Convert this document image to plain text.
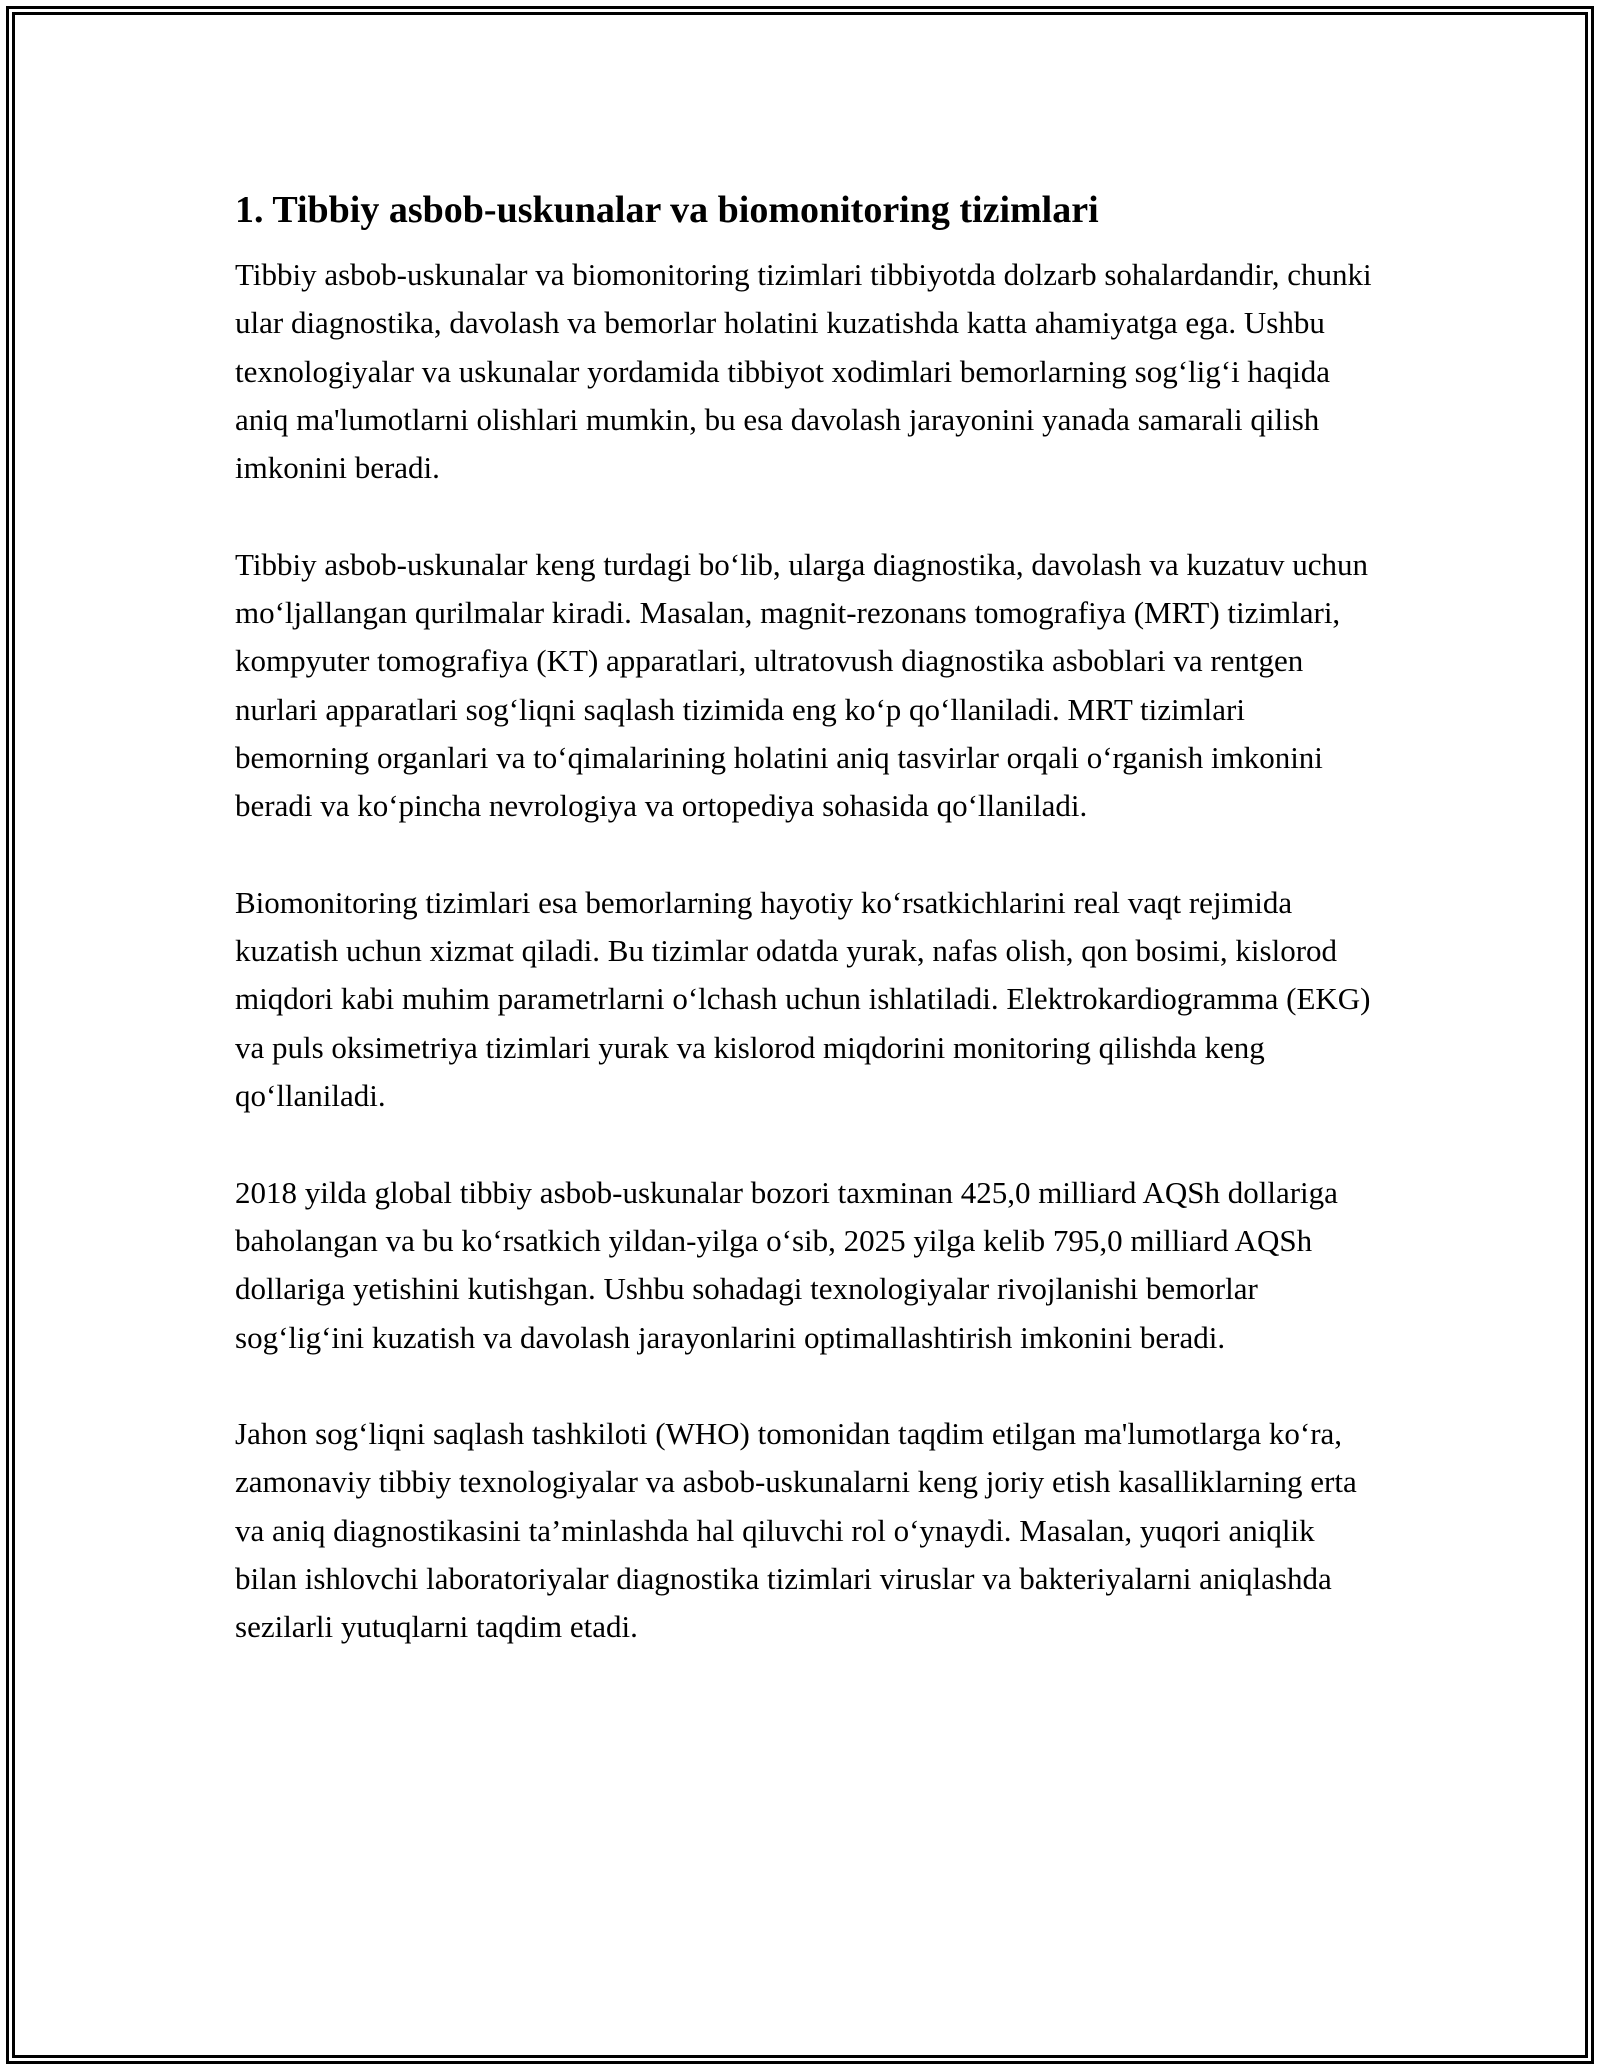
1. Tibbiy asbob-uskunalar va biomonitoring tizimlari

Tibbiy asbob-uskunalar va biomonitoring tizimlari tibbiyotda dolzarb sohalardandir, chunki ular diagnostika, davolash va bemorlar holatini kuzatishda katta ahamiyatga ega. Ushbu texnologiyalar va uskunalar yordamida tibbiyot xodimlari bemorlarning sog‘lig‘i haqida aniq ma'lumotlarni olishlari mumkin, bu esa davolash jarayonini yanada samarali qilish imkonini beradi.

Tibbiy asbob-uskunalar keng turdagi bo‘lib, ularga diagnostika, davolash va kuzatuv uchun mo‘ljallangan qurilmalar kiradi. Masalan, magnit-rezonans tomografiya (MRT) tizimlari, kompyuter tomografiya (KT) apparatlari, ultratovush diagnostika asboblari va rentgen nurlari apparatlari sog‘liqni saqlash tizimida eng ko‘p qo‘llaniladi. MRT tizimlari bemorning organlari va to‘qimalarining holatini aniq tasvirlar orqali o‘rganish imkonini beradi va ko‘pincha nevrologiya va ortopediya sohasida qo‘llaniladi.

Biomonitoring tizimlari esa bemorlarning hayotiy ko‘rsatkichlarini real vaqt rejimida kuzatish uchun xizmat qiladi. Bu tizimlar odatda yurak, nafas olish, qon bosimi, kislorod miqdori kabi muhim parametrlarni o‘lchash uchun ishlatiladi. Elektrokardiogramma (EKG) va puls oksimetriya tizimlari yurak va kislorod miqdorini monitoring qilishda keng qo‘llaniladi.

2018 yilda global tibbiy asbob-uskunalar bozori taxminan 425,0 milliard AQSh dollariga baholangan va bu ko‘rsatkich yildan-yilga o‘sib, 2025 yilga kelib 795,0 milliard AQSh dollariga yetishini kutishgan. Ushbu sohadagi texnologiyalar rivojlanishi bemorlar sog‘lig‘ini kuzatish va davolash jarayonlarini optimallashtirish imkonini beradi.

Jahon sog‘liqni saqlash tashkiloti (WHO) tomonidan taqdim etilgan ma'lumotlarga ko‘ra, zamonaviy tibbiy texnologiyalar va asbob-uskunalarni keng joriy etish kasalliklarning erta va aniq diagnostikasini ta’minlashda hal qiluvchi rol o‘ynaydi. Masalan, yuqori aniqlik bilan ishlovchi laboratoriyalar diagnostika tizimlari viruslar va bakteriyalarni aniqlashda sezilarli yutuqlarni taqdim etadi.
